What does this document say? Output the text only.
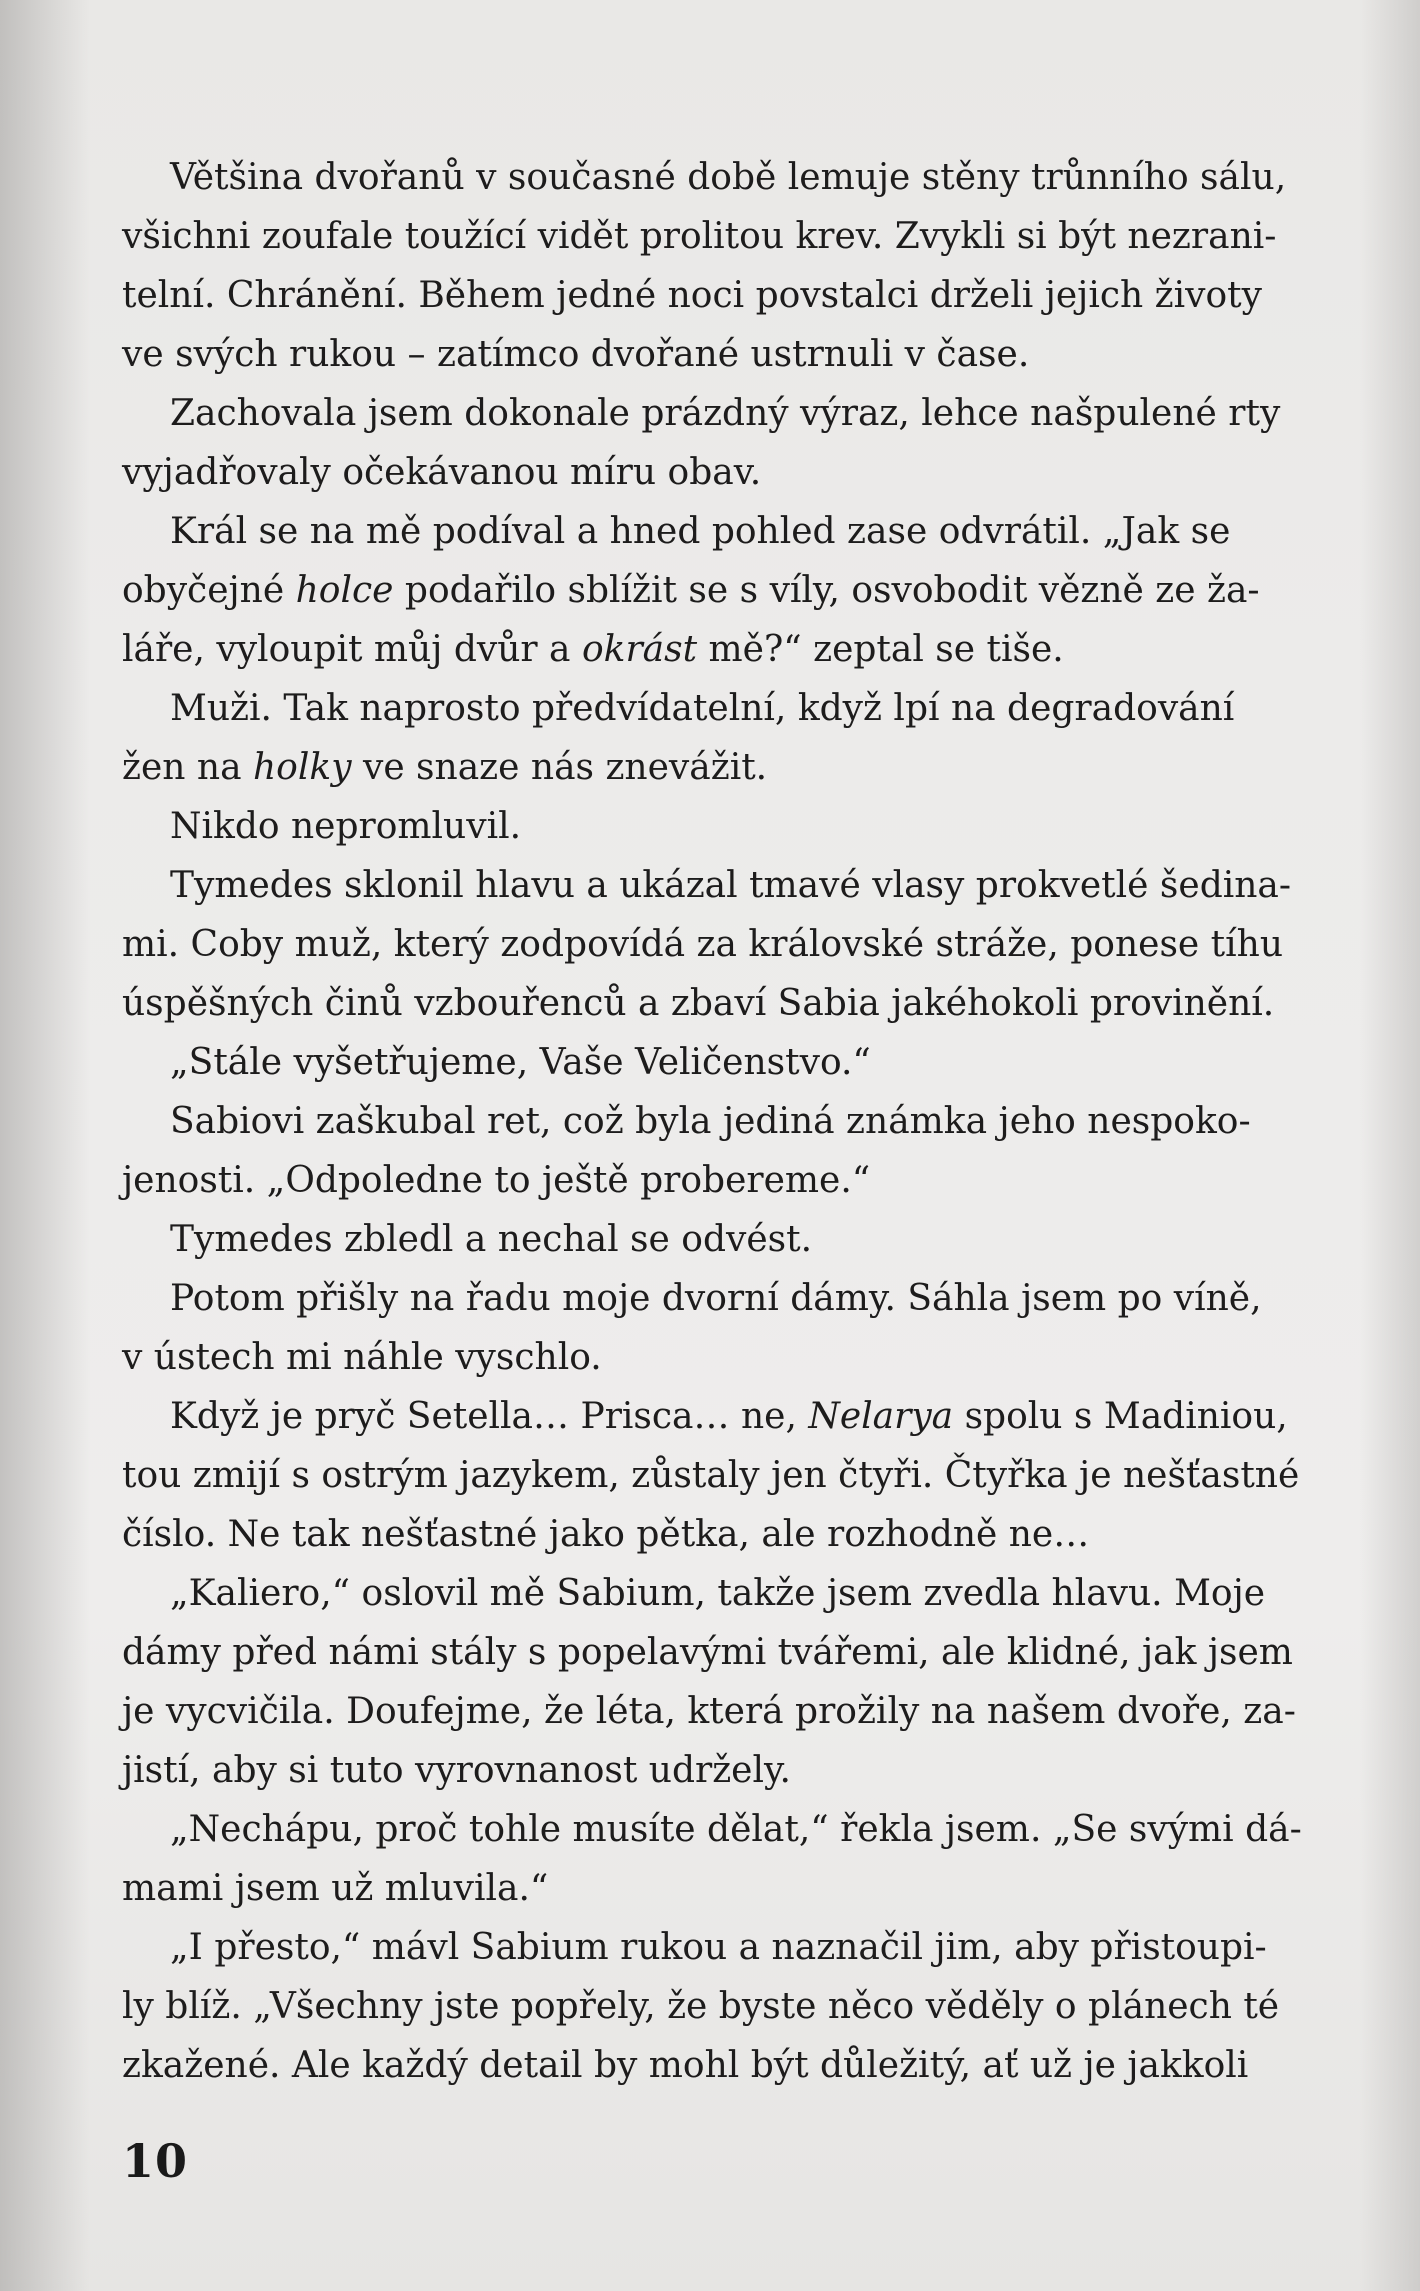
Většina dvořanů v současné době lemuje stěny trůnního sálu,
všichni zoufale toužící vidět prolitou krev. Zvykli si být nezrani-
telní. Chránění. Během jedné noci povstalci drželi jejich životy
ve svých rukou – zatímco dvořané ustrnuli v čase.
Zachovala jsem dokonale prázdný výraz, lehce našpulené rty
vyjadřovaly očekávanou míru obav.
Král se na mě podíval a hned pohled zase odvrátil. „Jak se
obyčejné holce podařilo sblížit se s víly, osvobodit vězně ze ža-
láře, vyloupit můj dvůr a okrást mě?“ zeptal se tiše.
Muži. Tak naprosto předvídatelní, když lpí na degradování
žen na holky ve snaze nás znevážit.
Nikdo nepromluvil.
Tymedes sklonil hlavu a ukázal tmavé vlasy prokvetlé šedina-
mi. Coby muž, který zodpovídá za královské stráže, ponese tíhu
úspěšných činů vzbouřenců a zbaví Sabia jakéhokoli provinění.
„Stále vyšetřujeme, Vaše Veličenstvo.“
Sabiovi zaškubal ret, což byla jediná známka jeho nespoko-
jenosti. „Odpoledne to ještě probereme.“
Tymedes zbledl a nechal se odvést.
Potom přišly na řadu moje dvorní dámy. Sáhla jsem po víně,
v ústech mi náhle vyschlo.
Když je pryč Setella… Prisca… ne, Nelarya spolu s Madiniou,
tou zmijí s ostrým jazykem, zůstaly jen čtyři. Čtyřka je nešťastné
číslo. Ne tak nešťastné jako pětka, ale rozhodně ne…
„Kaliero,“ oslovil mě Sabium, takže jsem zvedla hlavu. Moje
dámy před námi stály s popelavými tvářemi, ale klidné, jak jsem
je vycvičila. Doufejme, že léta, která prožily na našem dvoře, za-
jistí, aby si tuto vyrovnanost udržely.
„Nechápu, proč tohle musíte dělat,“ řekla jsem. „Se svými dá-
mami jsem už mluvila.“
„I přesto,“ mávl Sabium rukou a naznačil jim, aby přistoupi-
ly blíž. „Všechny jste popřely, že byste něco věděly o plánech té
zkažené. Ale každý detail by mohl být důležitý, ať už je jakkoli
10
